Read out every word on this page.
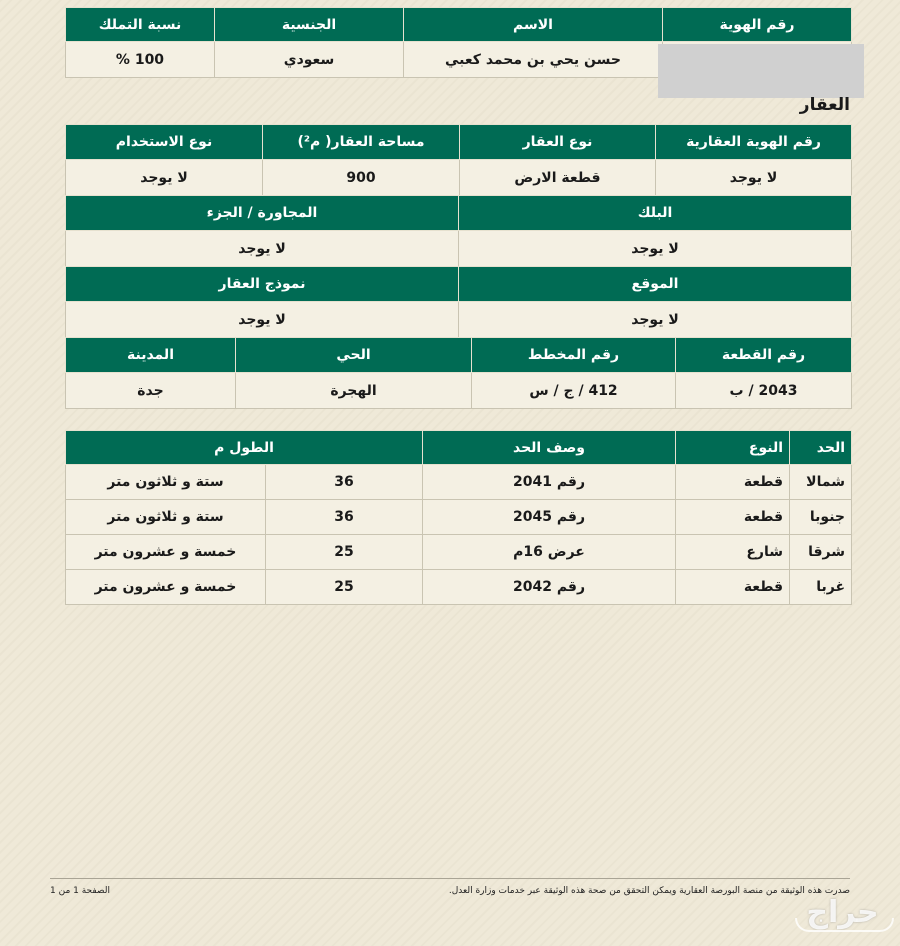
رقم الهوية	الاسم	الجنسية	نسبة التملك
	حسن يحي بن محمد كعبي	سعودي	100 %
العقار
رقم الهوية العقارية	نوع العقار	مساحة العقار( م²)	نوع الاستخدام
لا يوجد	قطعة الارض	900	لا يوجد
البلك	المجاورة / الجزء
لا يوجد	لا يوجد
الموقع	نموذج العقار
لا يوجد	لا يوجد
رقم القطعة	رقم المخطط	الحي	المدينة
2043 / ب	412 / ج / س	الهجرة	جدة
الحد	النوع	وصف الحد	الطول م	
شمالا	قطعة	رقم 2041	36	ستة و ثلاثون متر
جنوبا	قطعة	رقم 2045	36	ستة و ثلاثون متر
شرقا	شارع	عرض 16م	25	خمسة و عشرون متر
غربا	قطعة	رقم 2042	25	خمسة و عشرون متر
صدرت هذه الوثيقة من منصة البورصة العقارية ويمكن التحقق من صحة هذه الوثيقة عبر خدمات وزارة العدل.
الصفحة 1 من 1
حراج
